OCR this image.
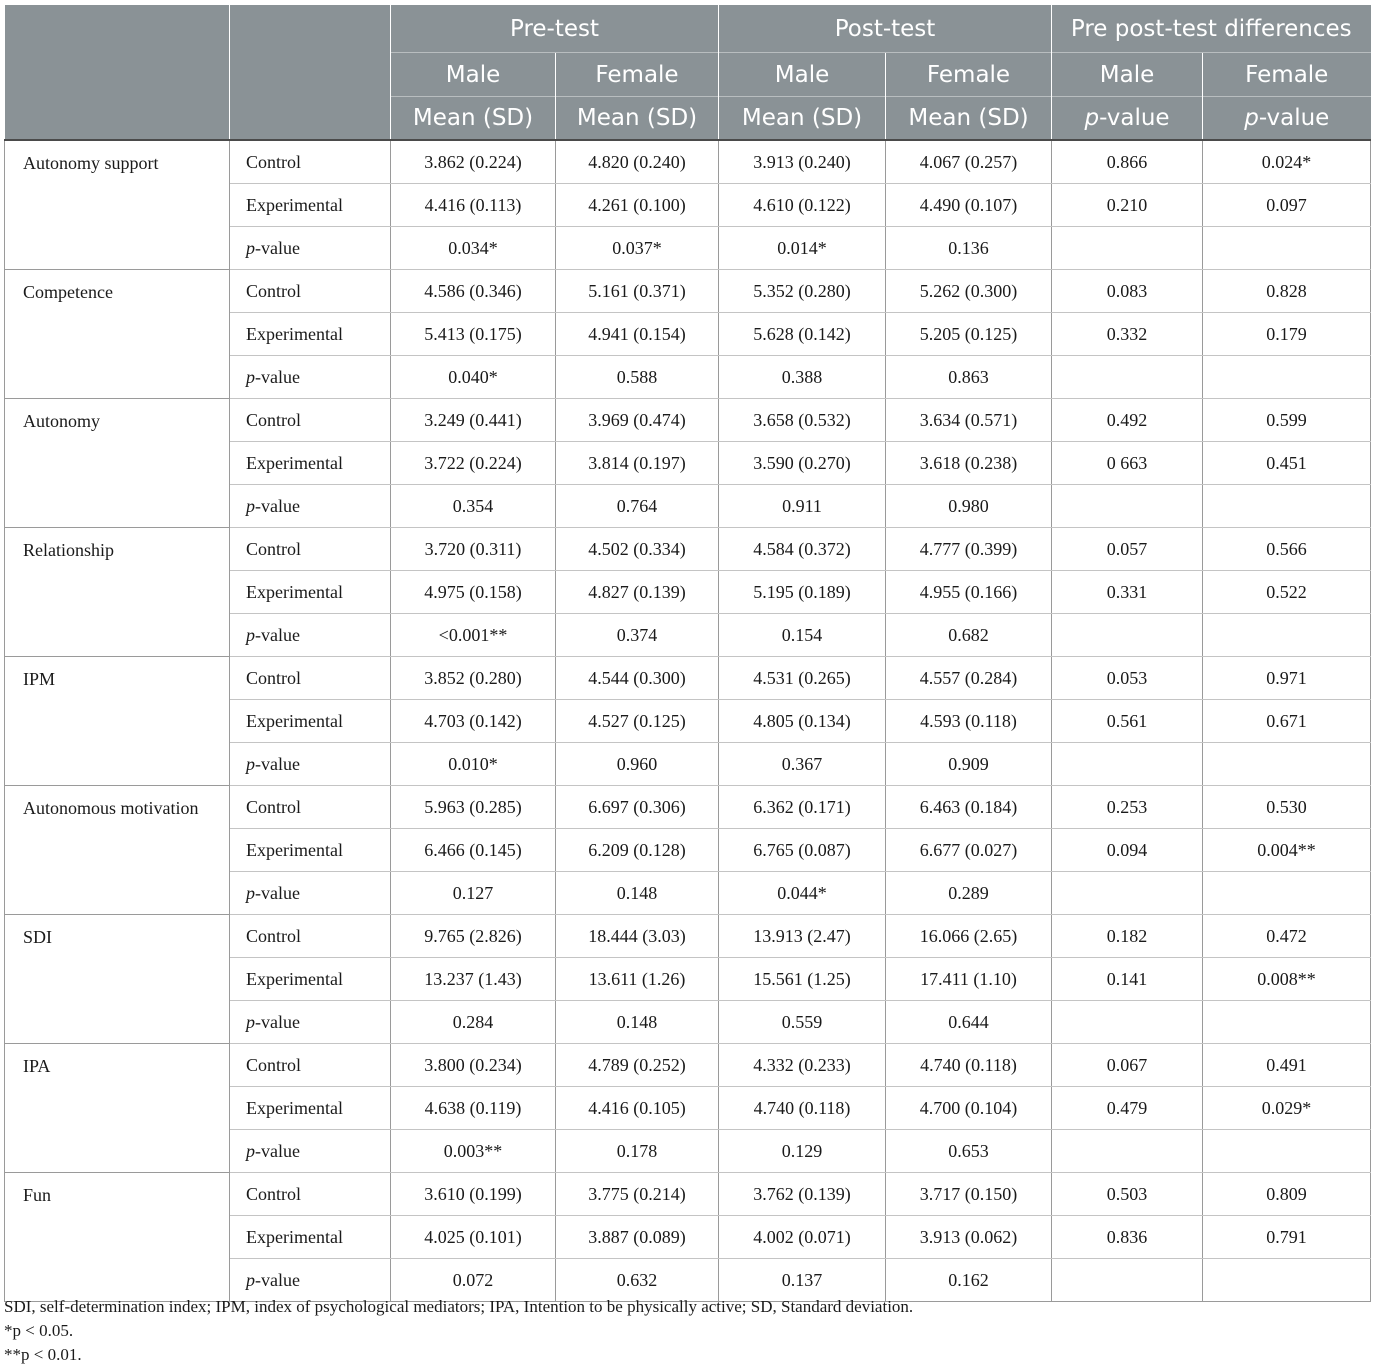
		Pre-test		Post-test		Pre post-test differences	
		Male	Female	Male	Female	Male	Female
		Mean (SD)	Mean (SD)	Mean (SD)	Mean (SD)	p-value	p-value
Autonomy support	Control	3.862 (0.224)	4.820 (0.240)	3.913 (0.240)	4.067 (0.257)	0.866	0.024*
	Experimental	4.416 (0.113)	4.261 (0.100)	4.610 (0.122)	4.490 (0.107)	0.210	0.097
	p-value	0.034*	0.037*	0.014*	0.136		
Competence	Control	4.586 (0.346)	5.161 (0.371)	5.352 (0.280)	5.262 (0.300)	0.083	0.828
	Experimental	5.413 (0.175)	4.941 (0.154)	5.628 (0.142)	5.205 (0.125)	0.332	0.179
	p-value	0.040*	0.588	0.388	0.863		
Autonomy	Control	3.249 (0.441)	3.969 (0.474)	3.658 (0.532)	3.634 (0.571)	0.492	0.599
	Experimental	3.722 (0.224)	3.814 (0.197)	3.590 (0.270)	3.618 (0.238)	0 663	0.451
	p-value	0.354	0.764	0.911	0.980		
Relationship	Control	3.720 (0.311)	4.502 (0.334)	4.584 (0.372)	4.777 (0.399)	0.057	0.566
	Experimental	4.975 (0.158)	4.827 (0.139)	5.195 (0.189)	4.955 (0.166)	0.331	0.522
	p-value	<0.001**	0.374	0.154	0.682		
IPM	Control	3.852 (0.280)	4.544 (0.300)	4.531 (0.265)	4.557 (0.284)	0.053	0.971
	Experimental	4.703 (0.142)	4.527 (0.125)	4.805 (0.134)	4.593 (0.118)	0.561	0.671
	p-value	0.010*	0.960	0.367	0.909		
Autonomous motivation	Control	5.963 (0.285)	6.697 (0.306)	6.362 (0.171)	6.463 (0.184)	0.253	0.530
	Experimental	6.466 (0.145)	6.209 (0.128)	6.765 (0.087)	6.677 (0.027)	0.094	0.004**
	p-value	0.127	0.148	0.044*	0.289		
SDI	Control	9.765 (2.826)	18.444 (3.03)	13.913 (2.47)	16.066 (2.65)	0.182	0.472
	Experimental	13.237 (1.43)	13.611 (1.26)	15.561 (1.25)	17.411 (1.10)	0.141	0.008**
	p-value	0.284	0.148	0.559	0.644		
IPA	Control	3.800 (0.234)	4.789 (0.252)	4.332 (0.233)	4.740 (0.118)	0.067	0.491
	Experimental	4.638 (0.119)	4.416 (0.105)	4.740 (0.118)	4.700 (0.104)	0.479	0.029*
	p-value	0.003**	0.178	0.129	0.653		
Fun	Control	3.610 (0.199)	3.775 (0.214)	3.762 (0.139)	3.717 (0.150)	0.503	0.809
	Experimental	4.025 (0.101)	3.887 (0.089)	4.002 (0.071)	3.913 (0.062)	0.836	0.791
	p-value	0.072	0.632	0.137	0.162		
SDI, self-determination index; IPM, index of psychological mediators; IPA, Intention to be physically active; SD, Standard deviation.
*p < 0.05.
**p < 0.01.
